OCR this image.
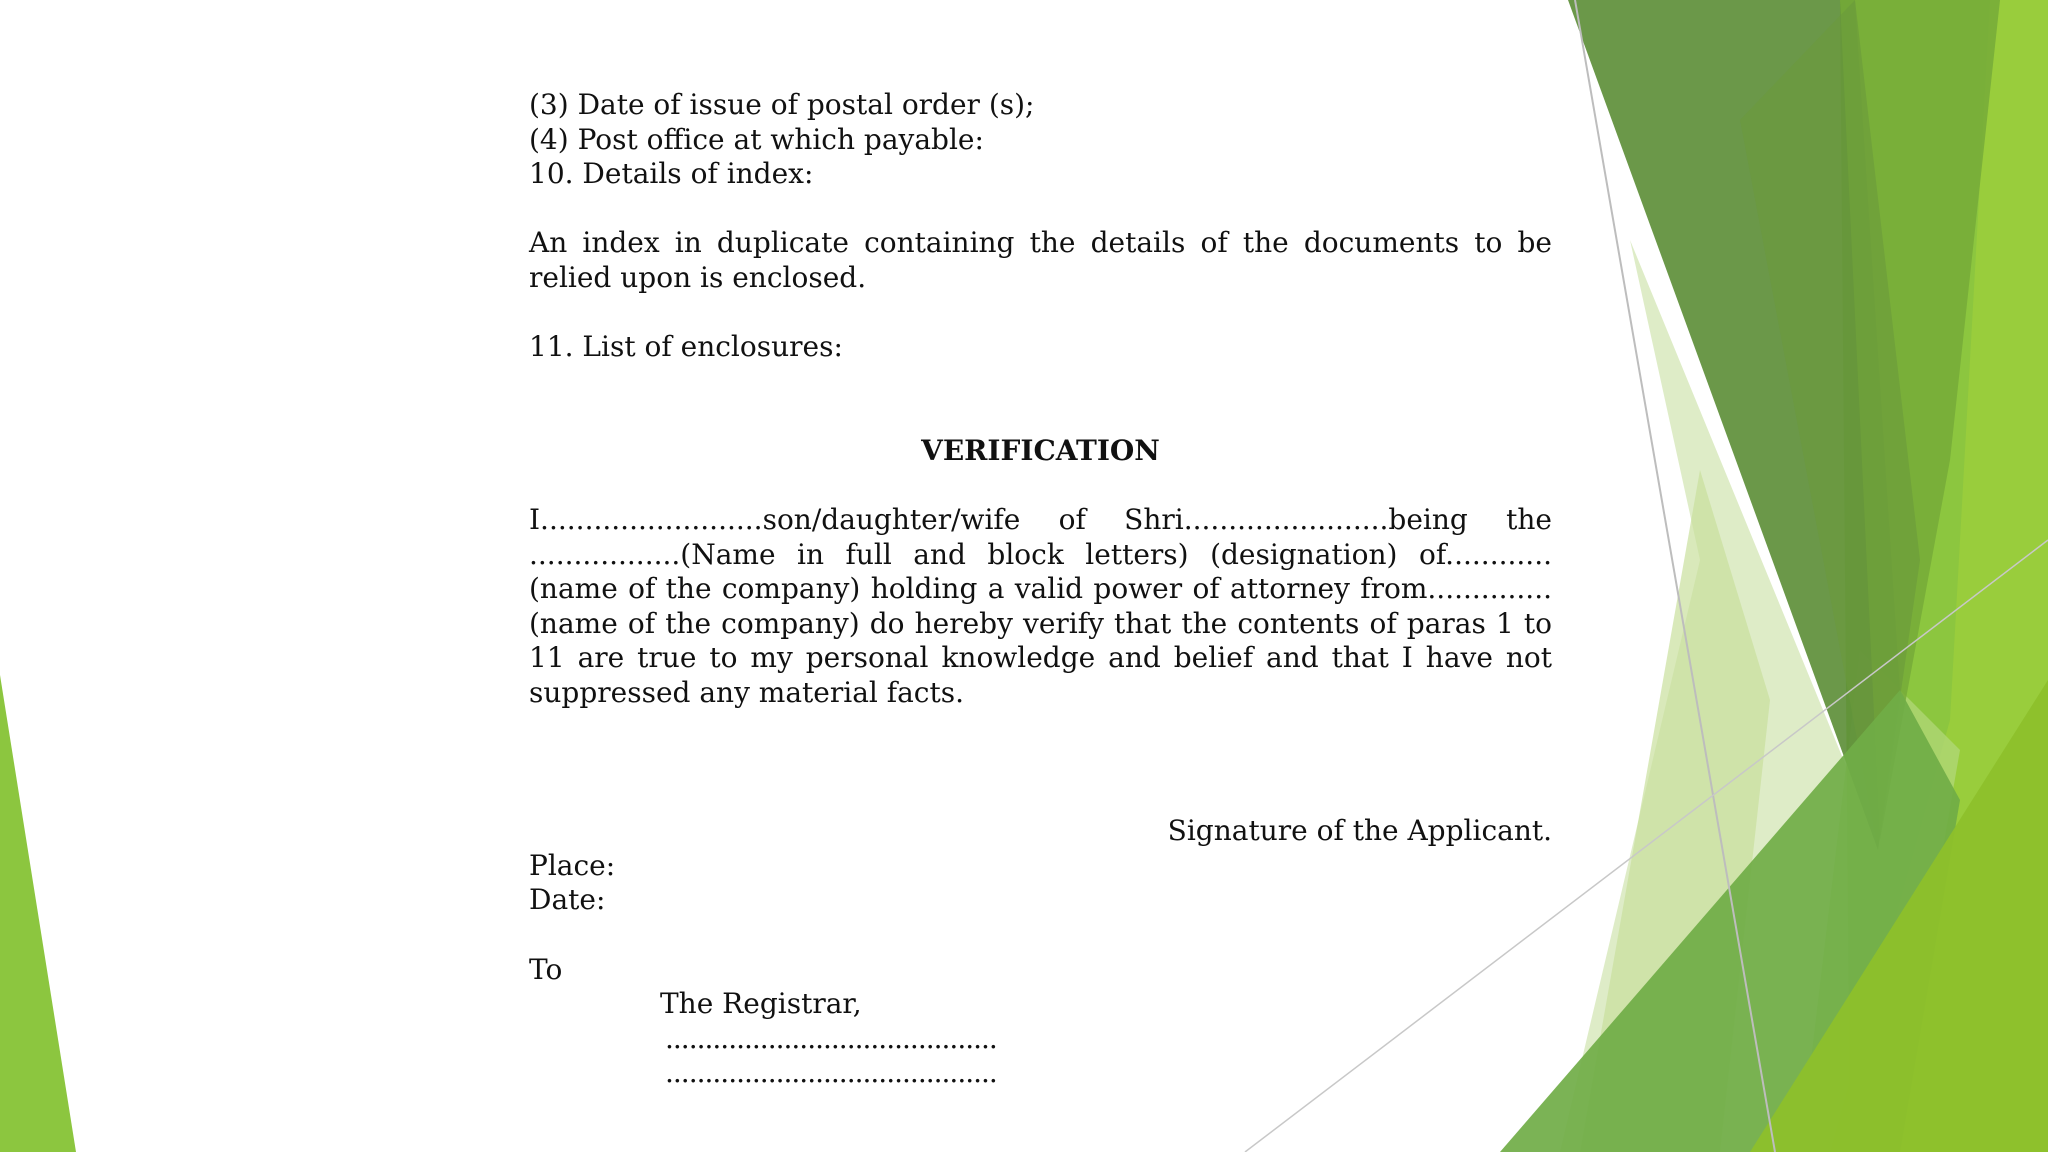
(3) Date of issue of postal order (s);
(4) Post office at which payable:
10. Details of index:
An index in duplicate containing the details of the documents to be relied upon is enclosed.
11. List of enclosures:
VERIFICATION
I.........................son/daughter/wife of Shri.......................being the .................(Name in full and block letters) (designation) of............ (name of the company) holding a valid power of attorney from..............(name of the company) do hereby verify that the contents of paras 1 to 11 are true to my personal knowledge and belief and that I have not suppressed any material facts.
Signature of the Applicant.
Place:
Date:
To
The Registrar,
..........................................
..........................................
